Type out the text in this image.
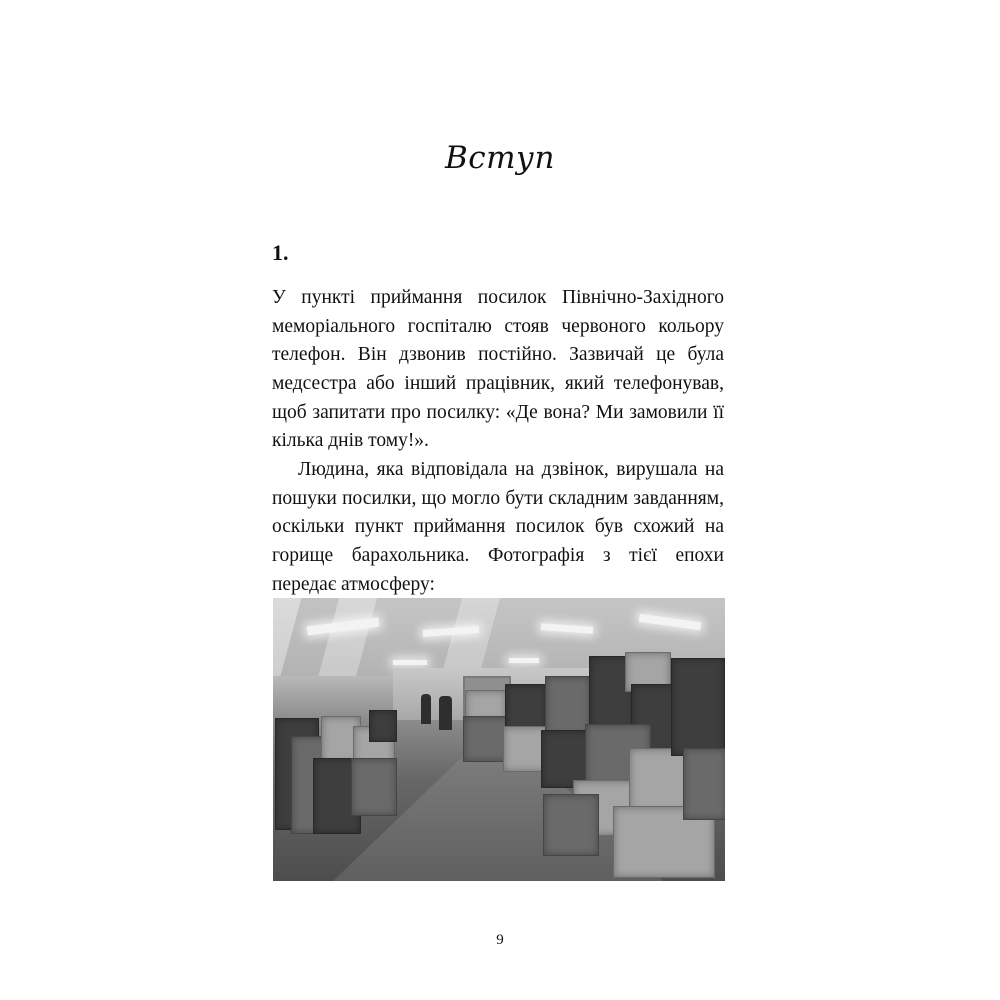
Вступ
1.

У пункті приймання посилок Північно-Західного меморіального госпіталю стояв червоного кольору телефон. Він дзвонив постійно. Зазвичай це була медсестра або інший працівник, який телефонував, щоб запитати про посилку: «Де вона? Ми замовили її кілька днів тому!».

Людина, яка відповідала на дзвінок, вирушала на пошуки посилки, що могло бути складним завданням, оскільки пункт приймання посилок був схожий на горище барахольника. Фотографія з тієї епохи передає атмосферу:

9
